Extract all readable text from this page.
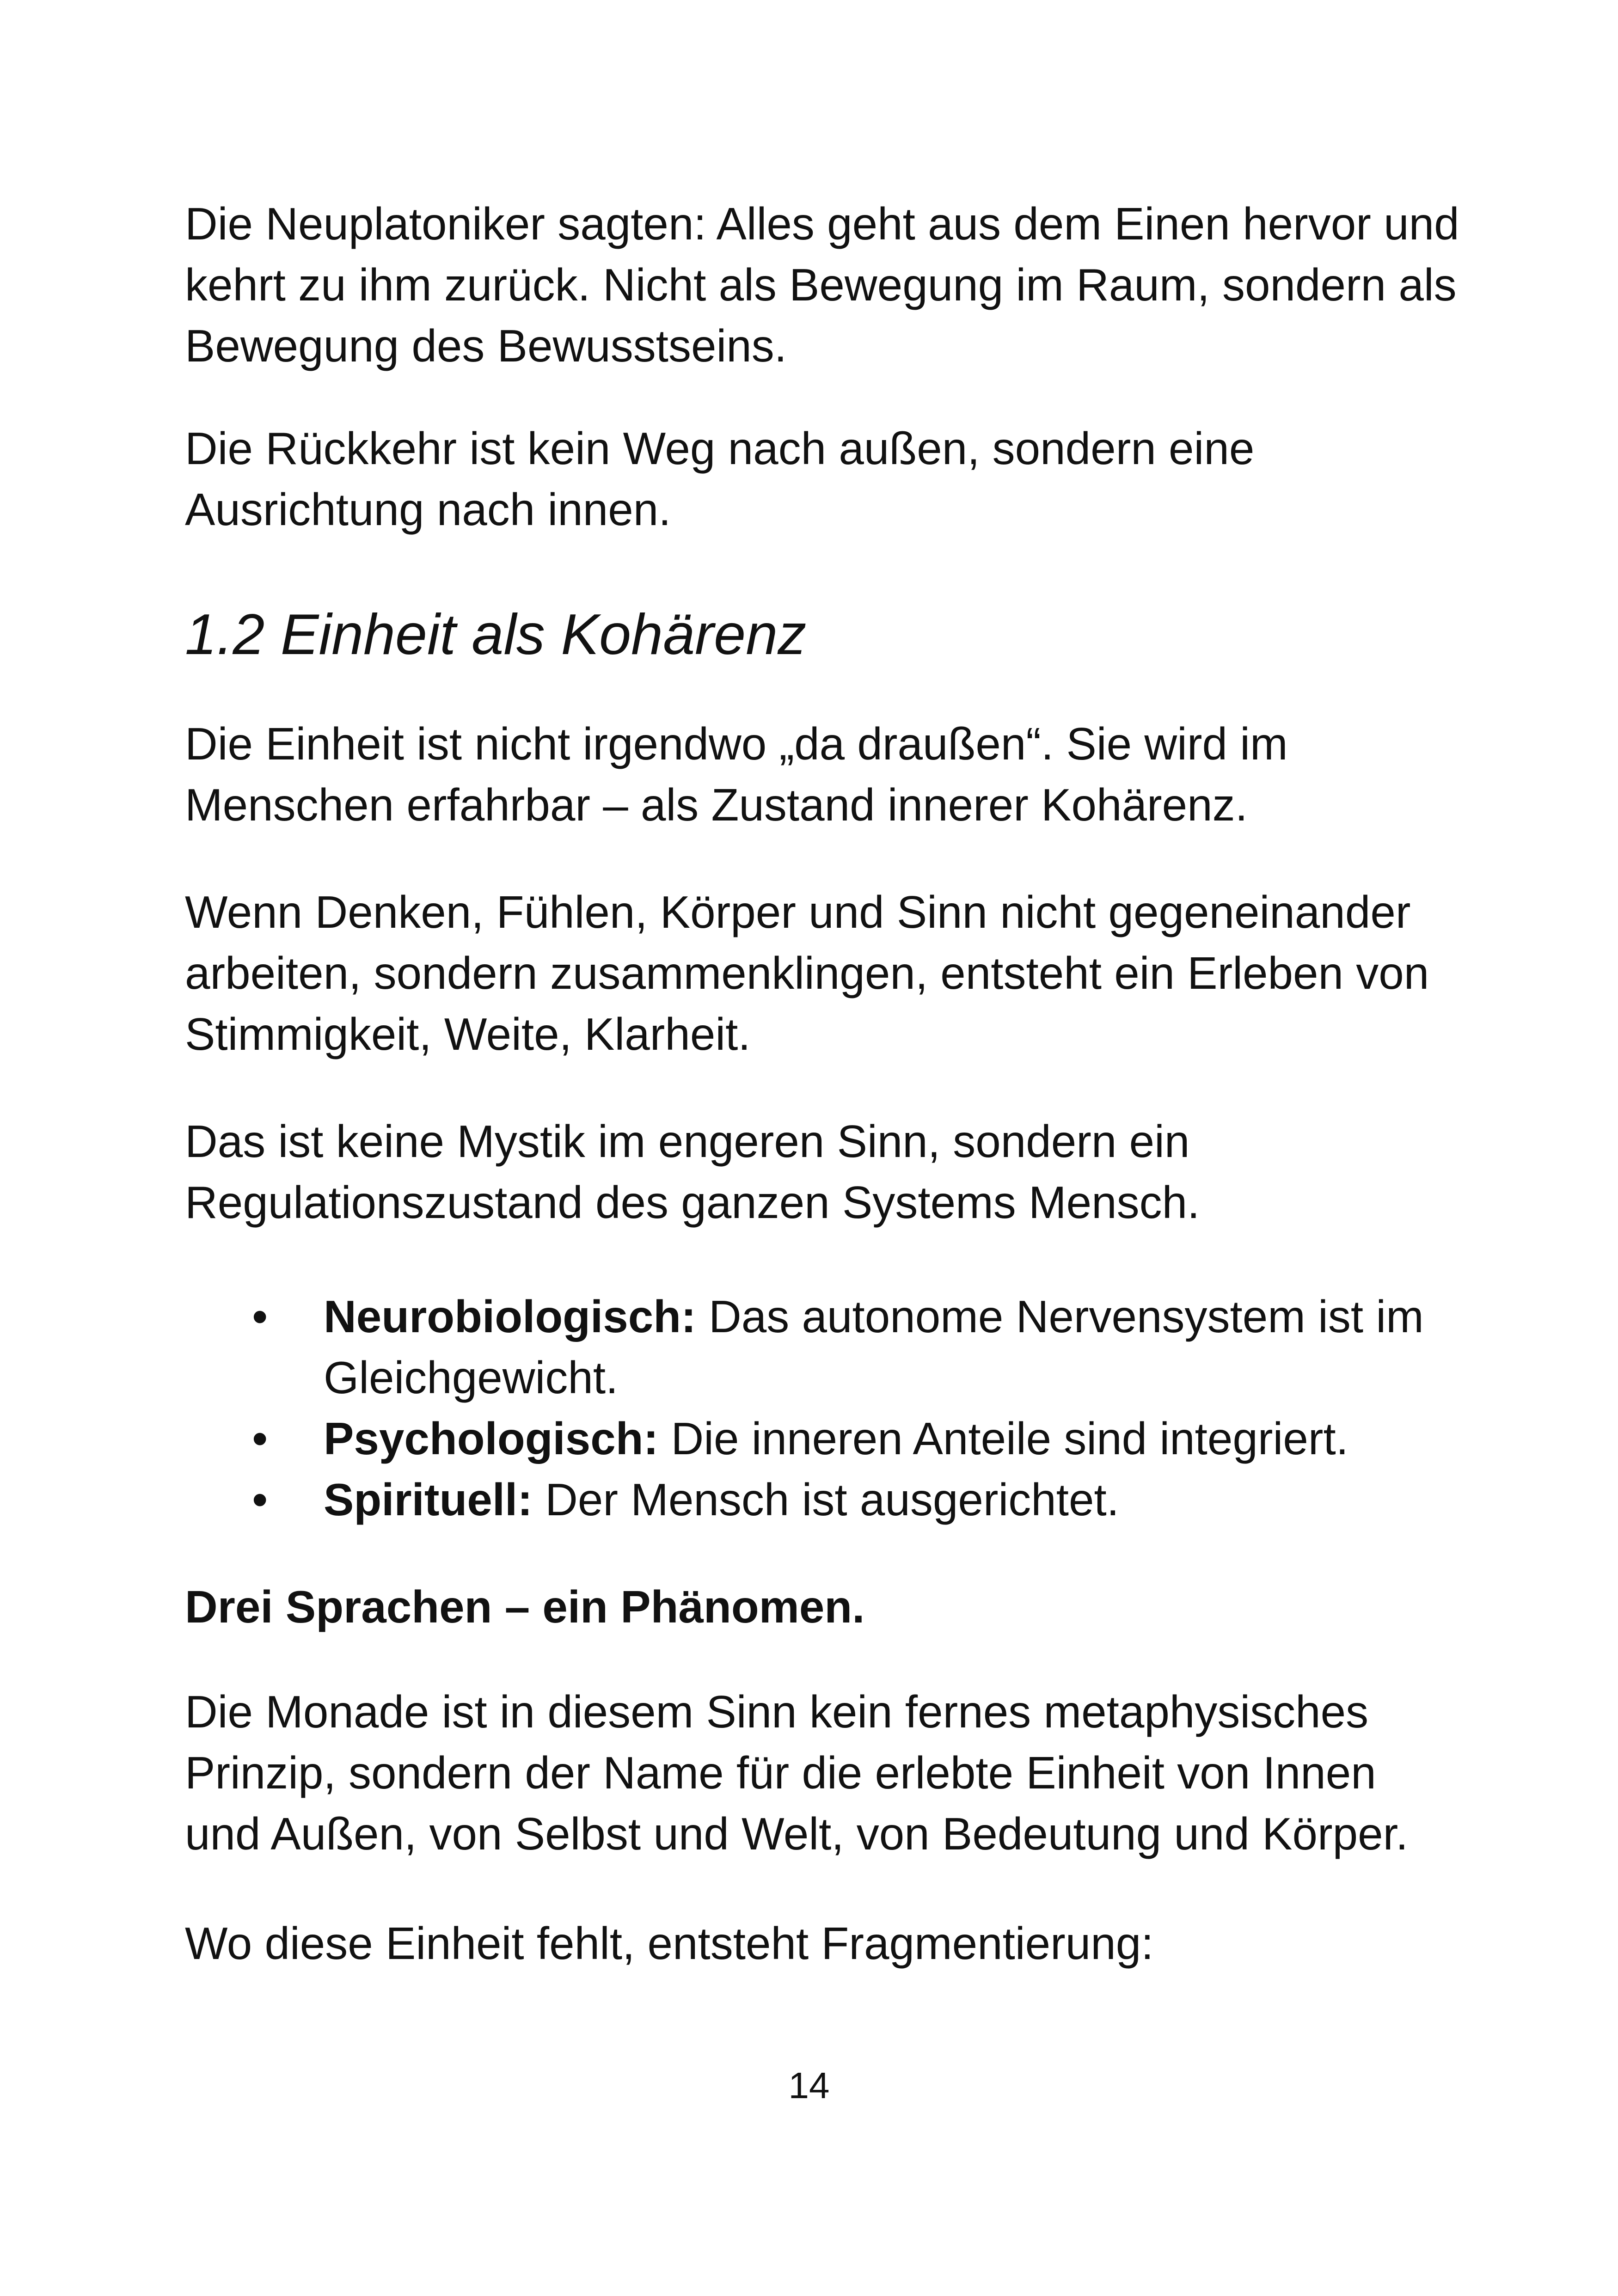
Die Neuplatoniker sagten: Alles geht aus dem Einen hervor und kehrt zu ihm zurück. Nicht als Bewegung im Raum, sondern als Bewegung des Bewusstseins.

Die Rückkehr ist kein Weg nach außen, sondern eine Ausrichtung nach innen.

1.2 Einheit als Kohärenz

Die Einheit ist nicht irgendwo „da draußen“. Sie wird im Menschen erfahrbar – als Zustand innerer Kohärenz.

Wenn Denken, Fühlen, Körper und Sinn nicht gegeneinander arbeiten, sondern zusammenklingen, entsteht ein Erleben von Stimmigkeit, Weite, Klarheit.

Das ist keine Mystik im engeren Sinn, sondern ein Regulationszustand des ganzen Systems Mensch.

• Neurobiologisch: Das autonome Nervensystem ist im Gleichgewicht.
• Psychologisch: Die inneren Anteile sind integriert.
• Spirituell: Der Mensch ist ausgerichtet.

Drei Sprachen – ein Phänomen.

Die Monade ist in diesem Sinn kein fernes metaphysisches Prinzip, sondern der Name für die erlebte Einheit von Innen und Außen, von Selbst und Welt, von Bedeutung und Körper.

Wo diese Einheit fehlt, entsteht Fragmentierung:

14
